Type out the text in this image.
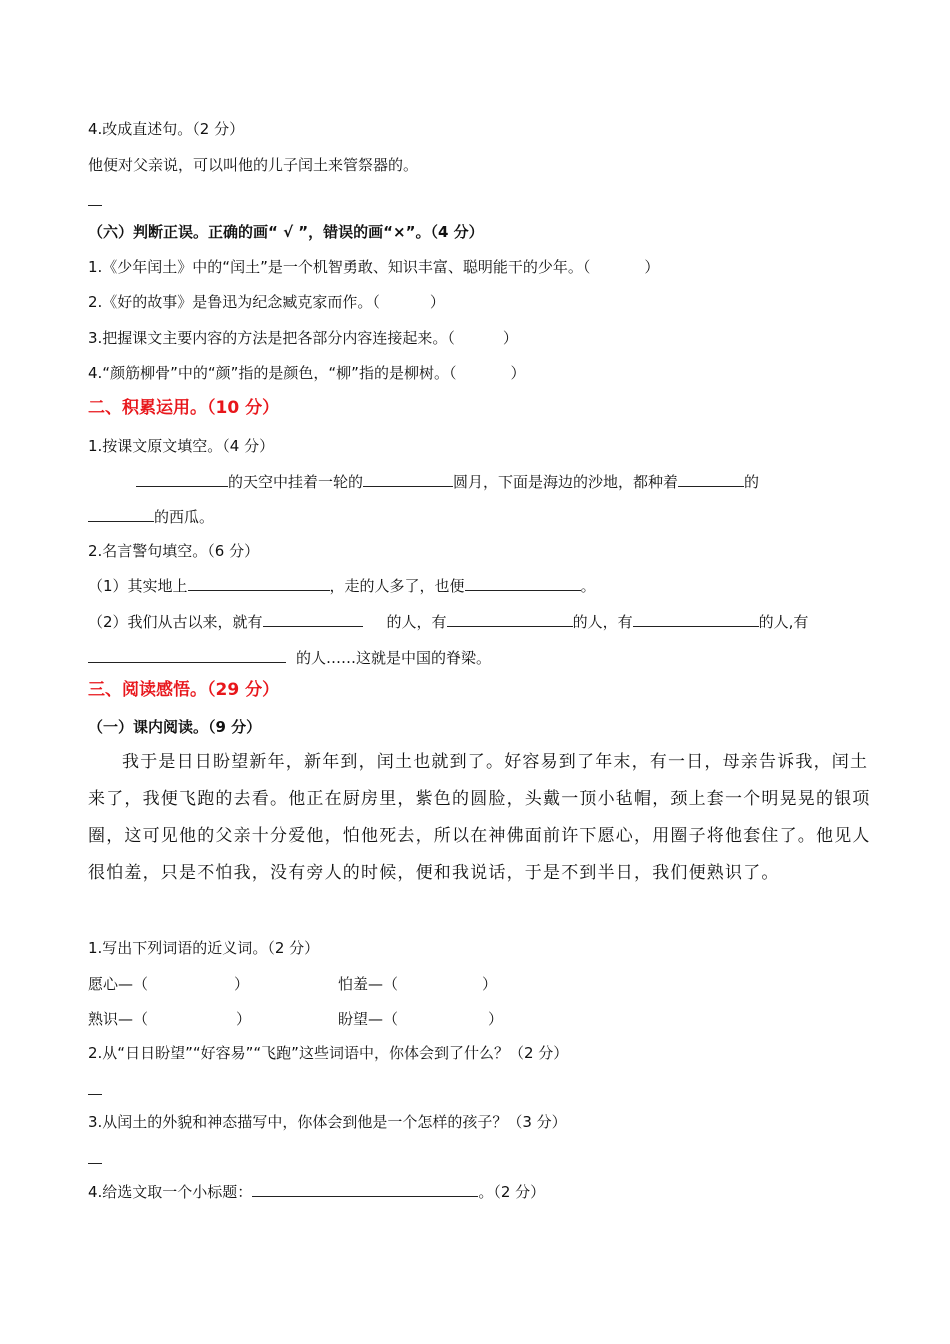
4.改成直述句。（2 分）
他便对父亲说，可以叫他的儿子闰土来管祭器的。
（六）判断正误。正确的画“ √ ”，错误的画“×”。（4 分）
1.《少年闰土》中的“闰土”是一个机智勇敢、知识丰富、聪明能干的少年。（	）
2.《好的故事》是鲁迅为纪念臧克家而作。（	）
3.把握课文主要内容的方法是把各部分内容连接起来。（	）
4.“颜筋柳骨”中的“颜”指的是颜色，“柳”指的是柳树。（	）
二、积累运用。（10 分）
1.按课文原文填空。（4 分）
的天空中挂着一轮的	圆月，下面是海边的沙地，都种着	的
的西瓜。
2.名言警句填空。（6 分）
（1）其实地上	，走的人多了，也便	。
（2）我们从古以来，就有	的人，有	的人，有	的人,有
的人……这就是中国的脊梁。
三、阅读感悟。（29 分）
（一）课内阅读。（9 分）

我于是日日盼望新年，新年到，闰土也就到了。好容易到了年末，有一日，母亲告诉我，闰土来了，我便飞跑的去看。他正在厨房里，紫色的圆脸，头戴一顶小毡帽，颈上套一个明晃晃的银项圈，这可见他的父亲十分爱他，怕他死去，所以在神佛面前许下愿心，用圈子将他套住了。他见人很怕羞，只是不怕我，没有旁人的时候，便和我说话，于是不到半日，我们便熟识了。

1.写出下列词语的近义词。（2 分）
愿心—（	）	怕羞—（	）
熟识—（	）	盼望—（	）
2.从“日日盼望”“好容易”“飞跑”这些词语中，你体会到了什么？（2 分）
3.从闰土的外貌和神态描写中，你体会到他是一个怎样的孩子？（3 分）
4.给选文取一个小标题：	。（2 分）
